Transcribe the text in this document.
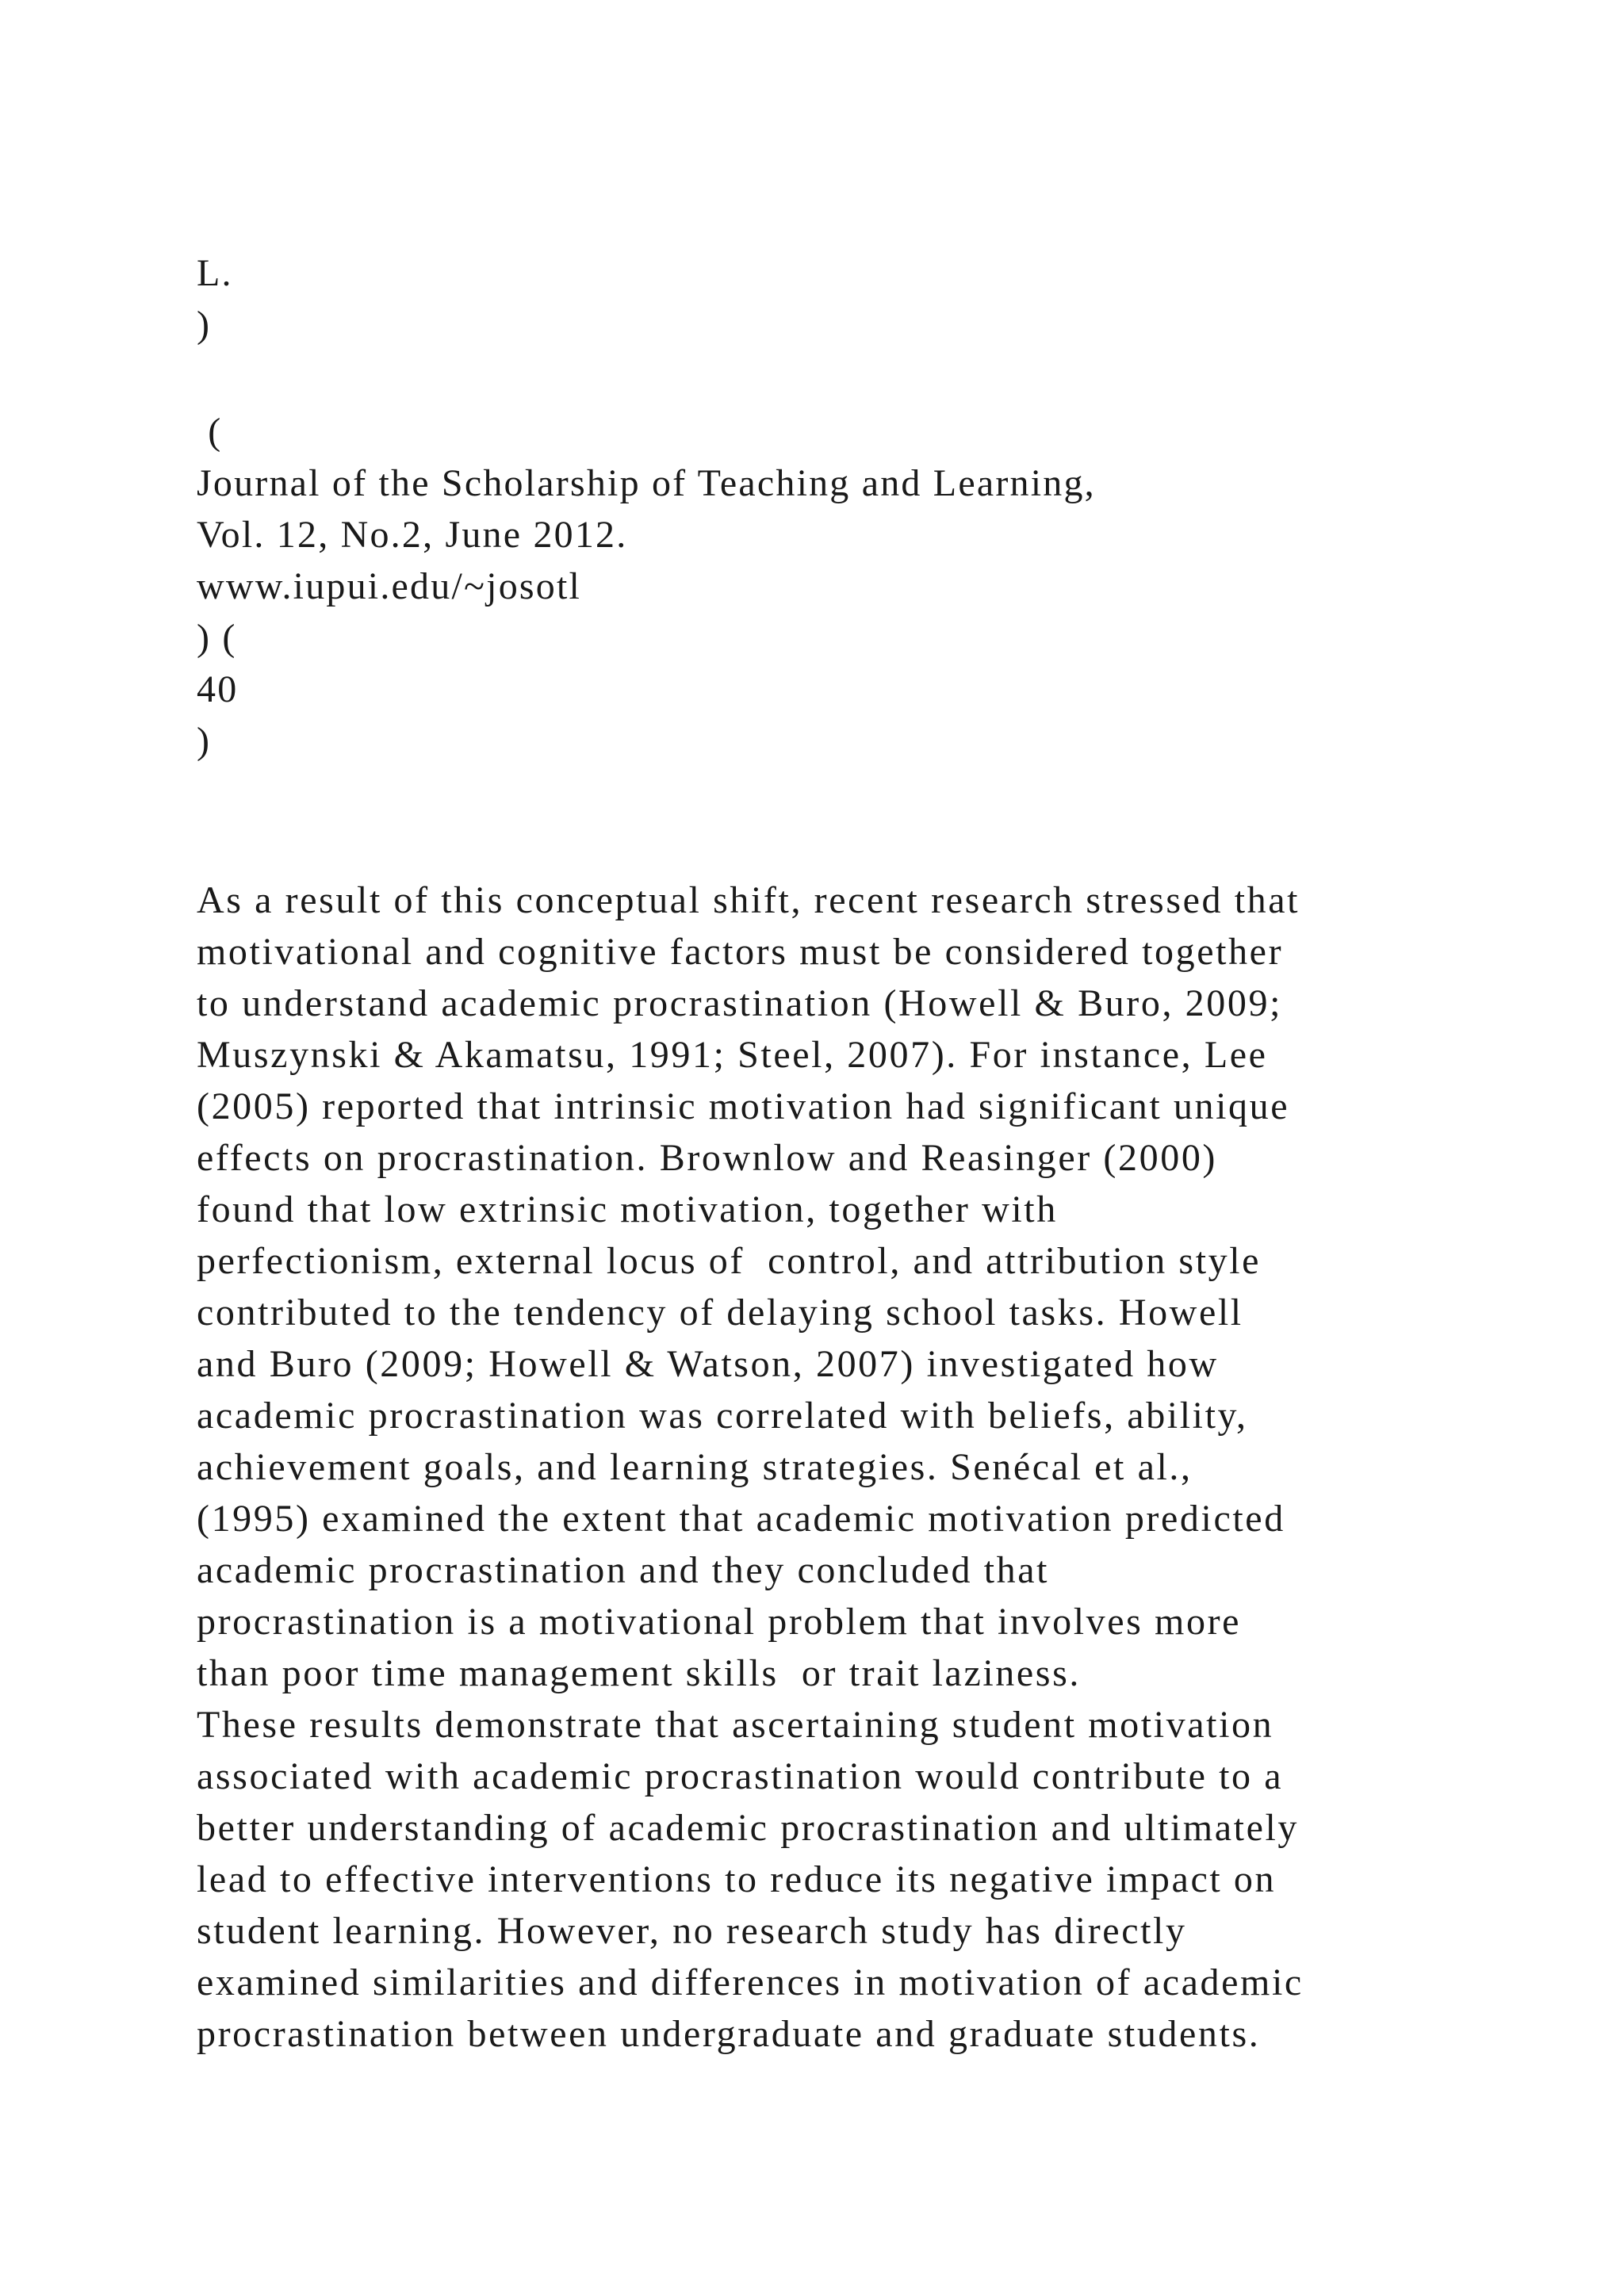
L.
)
(
Journal of the Scholarship of Teaching and Learning,
Vol. 12, No.2, June 2012.
www.iupui.edu/~josotl
) (
40
)
As a result of this conceptual shift, recent research stressed that
motivational and cognitive factors must be considered together
to understand academic procrastination (Howell & Buro, 2009;
Muszynski & Akamatsu, 1991; Steel, 2007). For instance, Lee
(2005) reported that intrinsic motivation had significant unique
effects on procrastination. Brownlow and Reasinger (2000)
found that low extrinsic motivation, together with
perfectionism, external locus of  control, and attribution style
contributed to the tendency of delaying school tasks. Howell
and Buro (2009; Howell & Watson, 2007) investigated how
academic procrastination was correlated with beliefs, ability,
achievement goals, and learning strategies. Senécal et al.,
(1995) examined the extent that academic motivation predicted
academic procrastination and they concluded that
procrastination is a motivational problem that involves more
than poor time management skills  or trait laziness.
These results demonstrate that ascertaining student motivation
associated with academic procrastination would contribute to a
better understanding of academic procrastination and ultimately
lead to effective interventions to reduce its negative impact on
student learning. However, no research study has directly
examined similarities and differences in motivation of academic
procrastination between undergraduate and graduate students.
